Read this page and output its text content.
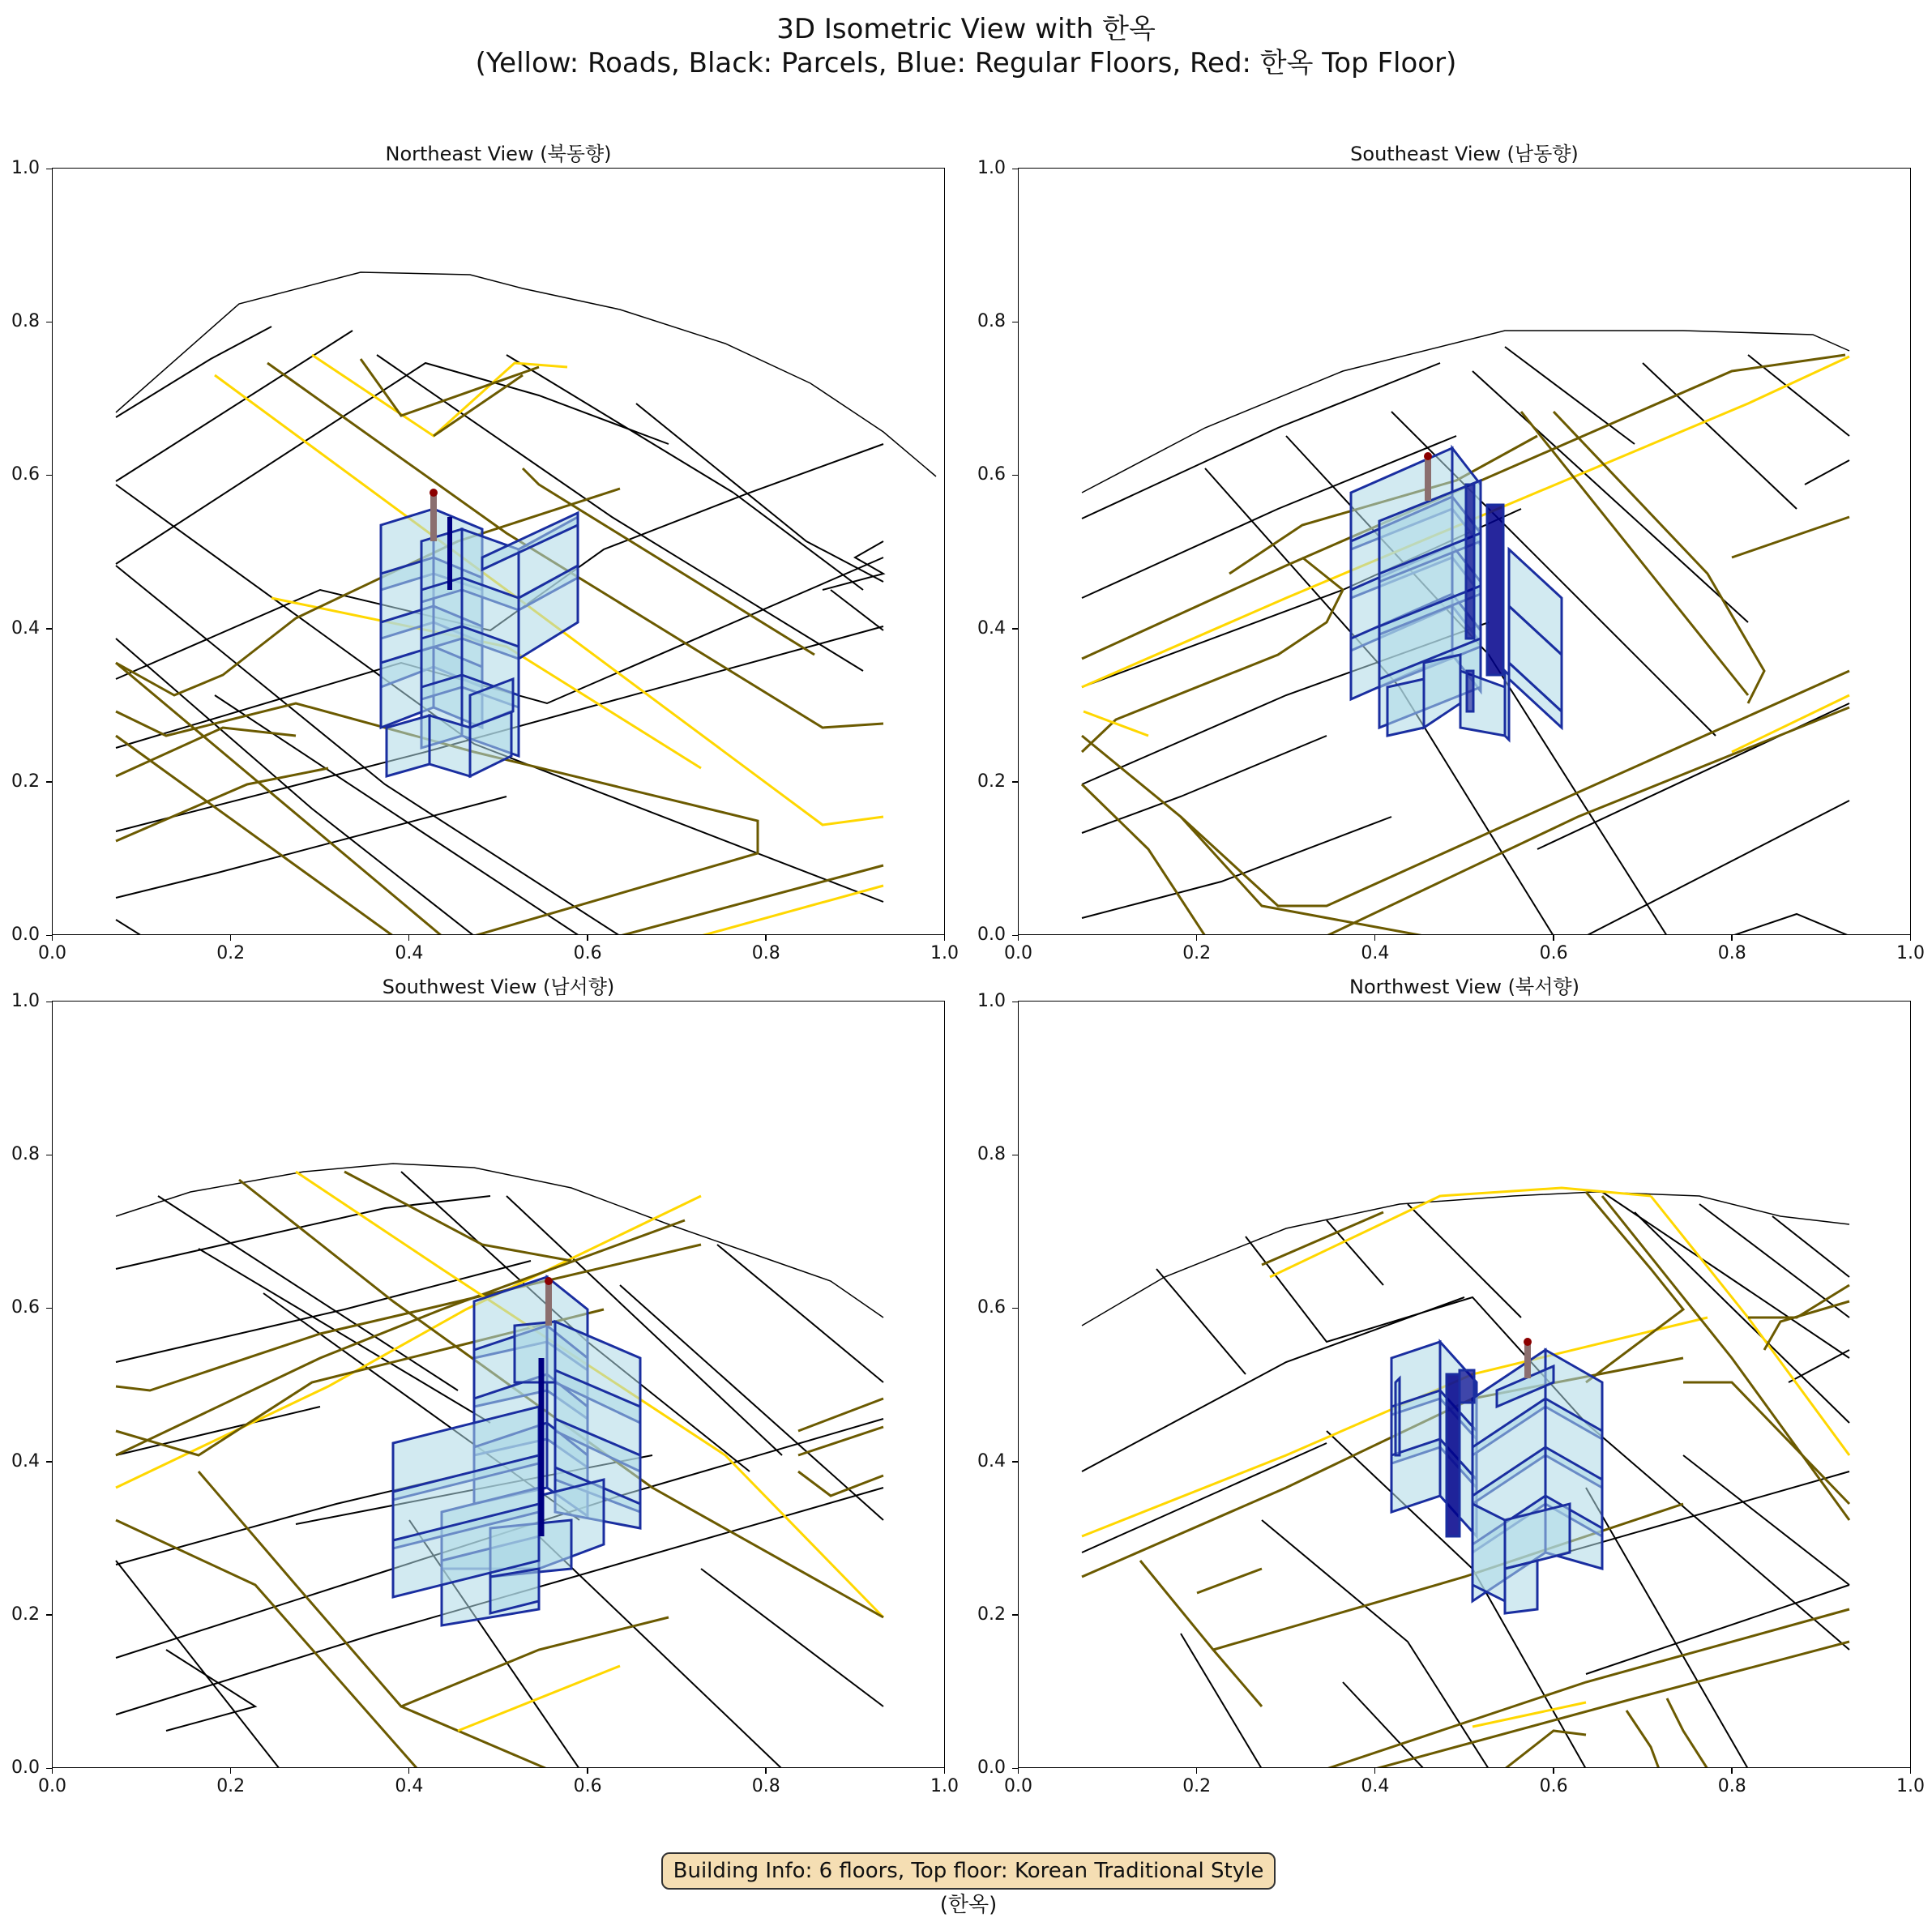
3D Isometric View with 한옥
(Yellow: Roads, Black: Parcels, Blue: Regular Floors, Red: 한옥 Top Floor)
Northeast View (북동향)	Southeast View (남동향)
Southwest View (남서향)	Northwest View (북서향)
0.0	0.2	0.4	0.6	0.8	1.0
0.0
0.2
0.4
0.6
0.8
1.0
0.0	0.2	0.4	0.6	0.8	1.0
0.0
0.2
0.4
0.6
0.8
1.0
0.0	0.2	0.4	0.6	0.8	1.0
0.0
0.2
0.4
0.6
0.8
1.0
0.0	0.2	0.4	0.6	0.8	1.0
0.0
0.2
0.4
0.6
0.8
1.0
Building Info: 6 floors, Top floor: Korean Traditional Style (한옥)
